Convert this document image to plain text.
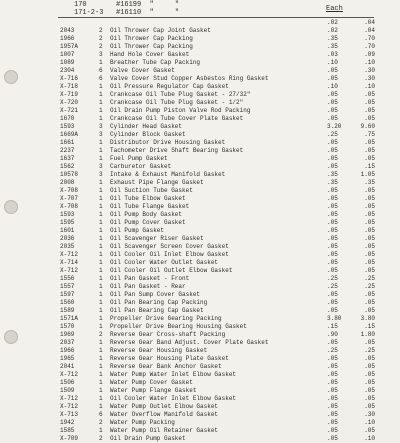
170       #16199  "     "
171-2-3   #16110  "     "	Each
.02	.04
2043	2	Oil Thrower Cap Joint Gasket	.02	.04
1966	2	Oil Thrower Cap Packing	.35	.70
1957A	2	Oil Thrower Cap Packing	.35	.70
1007	3	Hand Hole Cover Gasket	.03	.09
1089	1	Breather Tube Cap Packing	.10	.10
2304	6	Valve Cover Gasket	.05	.30
X-716	6	Valve Cover Stud Copper Asbestos Ring Gasket	.05	.30
X-718	1	Oil Pressure Regulator Cap Gasket	.10	.10
X-719	1	Crankcase Oil Tube Plug Gasket - 27/32"	.05	.05
X-720	1	Crankcase Oil Tube Plug Gasket - 1/2"	.05	.05
X-721	1	Oil Drain Pump Piston Valve Rod Packing	.05	.05
1670	1	Crankcase Oil Tube Cover Plate Gasket	.05	.05
1593	3	Cylinder Head Gasket	3.20	9.60
1669A	3	Cylinder Block Gasket	.25	.75
1661	1	Distributor Drive Housing Gasket	.05	.05
2237	1	Tachometer Drive Shaft Bearing Gasket	.05	.05
1637	1	Fuel Pump Gasket	.05	.05
1562	3	Carburetor Gasket	.05	.15
10578	3	Intake & Exhaust Manifold Gasket	.35	1.05
2008	1	Exhaust Pipe Flange Gasket	.35	.35
X-708	1	Oil Suction Tube Gasket	.05	.05
X-707	1	Oil Tube Elbow Gasket	.05	.05
X-708	1	Oil Tube Flange Gasket	.05	.05
1593	1	Oil Pump Body Gasket	.05	.05
1595	1	Oil Pump Cover Gasket	.05	.05
1601	1	Oil Pump Gasket	.05	.05
2036	1	Oil Scavenger Riser Gasket	.05	.05
2035	1	Oil Scavenger Screen Cover Gasket	.05	.05
X-712	1	Oil Cooler Oil Inlet Elbow Gasket	.05	.05
X-714	1	Oil Cooler Water Outlet Gasket	.05	.05
X-712	1	Oil Cooler Oil Outlet Elbow Gasket	.05	.05
1556	1	Oil Pan Gasket - Front	.25	.25
1557	1	Oil Pan Gasket - Rear	.25	.25
1597	1	Oil Pan Sump Cover Gasket	.05	.05
1560	1	Oil Pan Bearing Cap Packing	.05	.05
1589	1	Oil Pan Bearing Cap Gasket	.05	.05
1571A	1	Propeller Drive Gearing Packing	3.80	3.80
1570	1	Propeller Drive Bearing Housing Gasket	.15	.15
1969	2	Reverse Gear Cross-shaft Packing	.90	1.80
2037	1	Reverse Gear Band Adjust. Cover Plate Gasket	.05	.05
1966	1	Reverse Gear Housing Gasket	.25	.25
1965	1	Reverse Gear Housing Plate Gasket	.05	.05
2041	1	Reverse Gear Bank Anchor Gasket	.05	.05
X-712	1	Water Pump Water Inlet Elbow Gasket	.05	.05
1506	1	Water Pump Cover Gasket	.05	.05
1509	1	Water Pump Flange Gasket	.05	.05
X-712	1	Oil Cooler Water Inlet Elbow Gasket	.05	.05
X-712	1	Water Pump Outlet Elbow Gasket	.05	.05
X-713	6	Water Overflow Manifold Gasket	.05	.30
1942	2	Water Pump Packing	.05	.10
1585	1	Water Pump Oil Retainer Gasket	.05	.05
X-709	2	Oil Drain Pump Gasket	.05	.10
